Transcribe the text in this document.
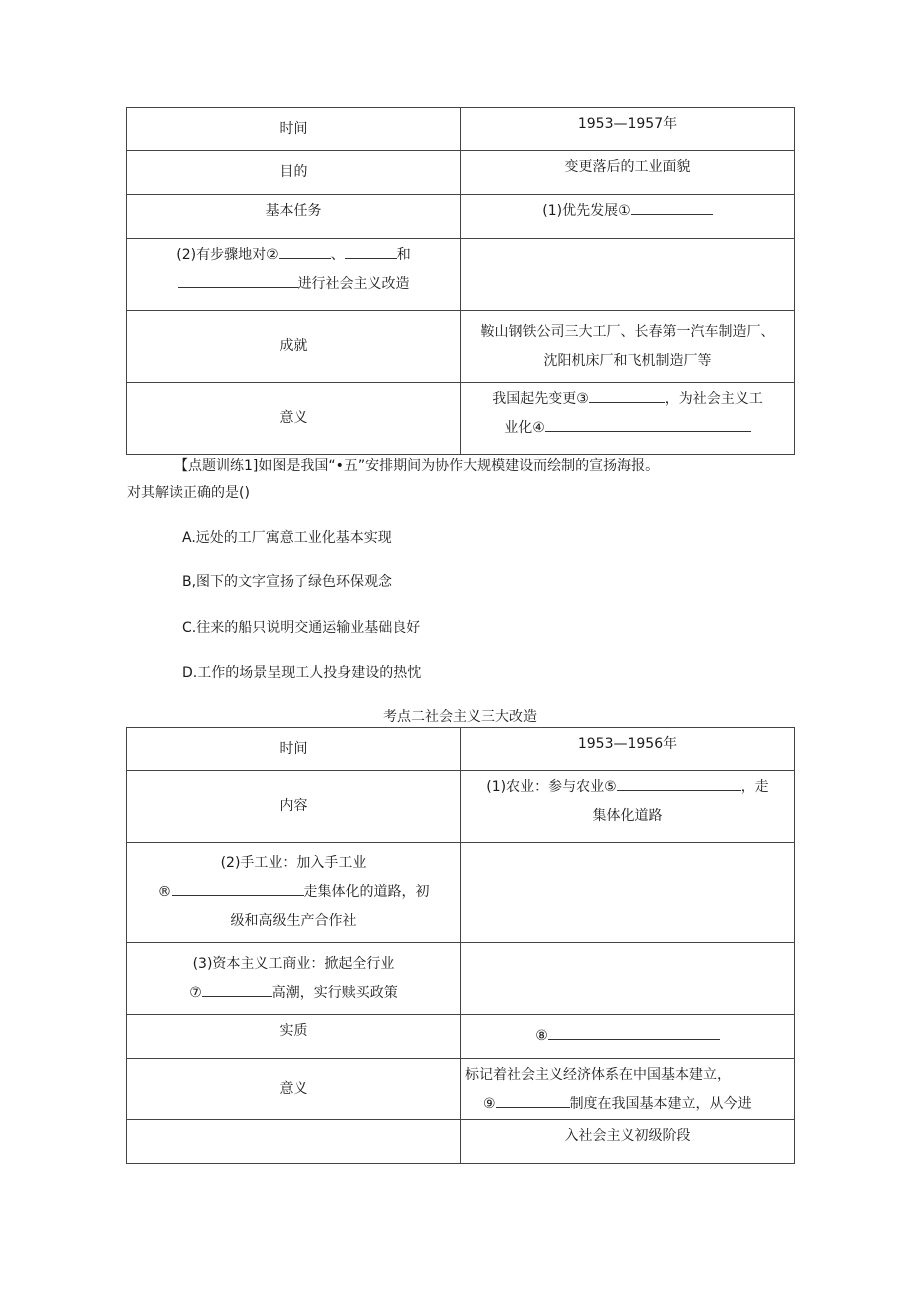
时间	1953—1957年
目的	变更落后的工业面貌
基本任务	(1)优先发展①
(2)有步骤地对② 、 和
进行社会主义改造	
成就	鞍山钢铁公司三大工厂、长春第一汽车制造厂、
沈阳机床厂和飞机制造厂等
意义	我国起先变更③ ，为社会主义工
业化④
【点题训练1]如图是我国“•五”安排期间为协作大规模建设而绘制的宣扬海报。
对其解读正确的是()
A.远处的工厂寓意工业化基本实现
B,图下的文字宣扬了绿色环保观念
C.往来的船只说明交通运输业基础良好
D.工作的场景呈现工人投身建设的热忱
考点二社会主义三大改造
时间	1953—1956年
内容	(1)农业：参与农业⑤ ，走
集体化道路
(2)手工业：加入手工业
® 走集体化的道路，初
级和高级生产合作社	
(3)资本主义工商业：掀起全行业
⑦ 高潮，实行赎买政策	
实质	⑧
意义	标记着社会主义经济体系在中国基本建立，
⑨ 制度在我国基本建立，从今进
	入社会主义初级阶段
